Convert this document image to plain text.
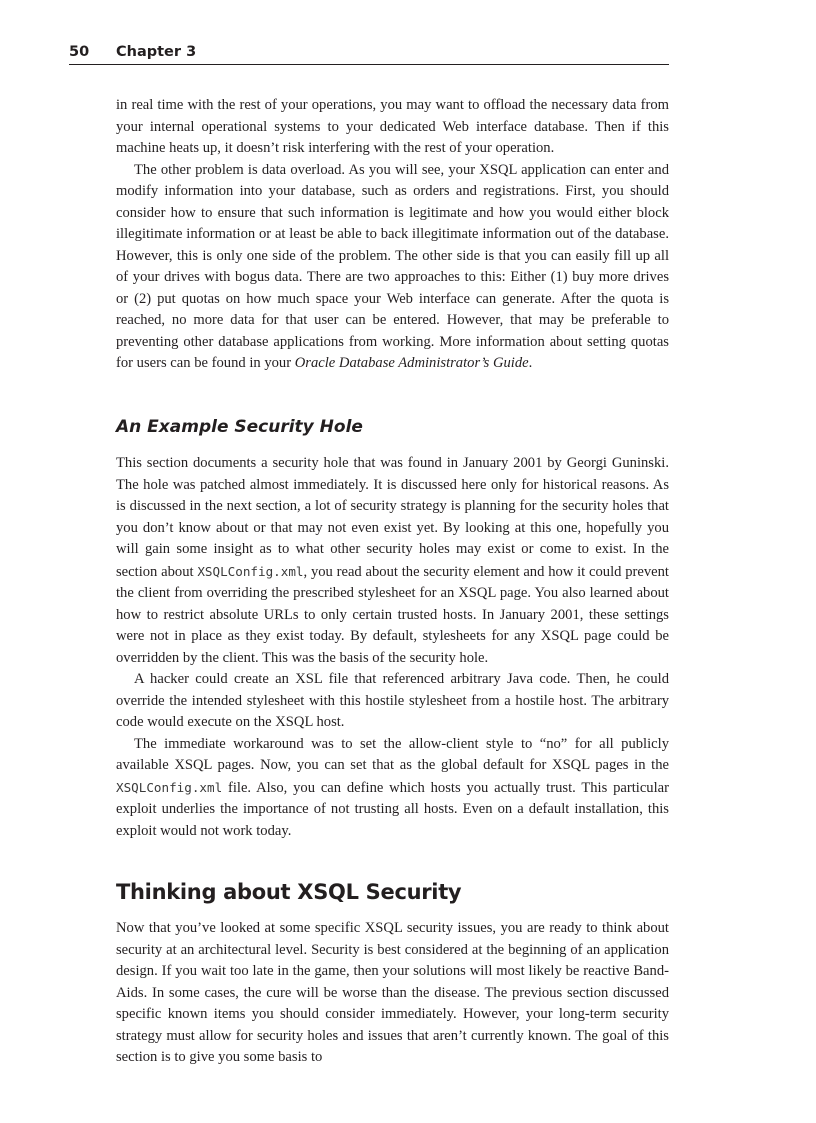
50 Chapter 3

in real time with the rest of your operations, you may want to offload the necessary data from your internal operational systems to your dedicated Web interface database. Then if this machine heats up, it doesn’t risk interfering with the rest of your operation.

The other problem is data overload. As you will see, your XSQL application can enter and modify information into your database, such as orders and registrations. First, you should consider how to ensure that such information is legitimate and how you would either block illegitimate information or at least be able to back illegitimate information out of the database. However, this is only one side of the problem. The other side is that you can easily fill up all of your drives with bogus data. There are two approaches to this: Either (1) buy more drives or (2) put quotas on how much space your Web interface can generate. After the quota is reached, no more data for that user can be entered. However, that may be preferable to preventing other database applications from working. More information about setting quotas for users can be found in your Oracle Database Administrator’s Guide.

An Example Security Hole

This section documents a security hole that was found in January 2001 by Georgi Guninski. The hole was patched almost immediately. It is discussed here only for historical reasons. As is discussed in the next section, a lot of security strategy is planning for the security holes that you don’t know about or that may not even exist yet. By looking at this one, hopefully you will gain some insight as to what other security holes may exist or come to exist. In the section about XSQLConfig.xml, you read about the security element and how it could prevent the client from overriding the prescribed stylesheet for an XSQL page. You also learned about how to restrict absolute URLs to only certain trusted hosts. In January 2001, these settings were not in place as they exist today. By default, stylesheets for any XSQL page could be overridden by the client. This was the basis of the security hole.

A hacker could create an XSL file that referenced arbitrary Java code. Then, he could override the intended stylesheet with this hostile stylesheet from a hostile host. The arbitrary code would execute on the XSQL host.

The immediate workaround was to set the allow-client style to “no” for all publicly available XSQL pages. Now, you can set that as the global default for XSQL pages in the XSQLConfig.xml file. Also, you can define which hosts you actually trust. This particular exploit underlies the importance of not trusting all hosts. Even on a default installation, this exploit would not work today.

Thinking about XSQL Security

Now that you’ve looked at some specific XSQL security issues, you are ready to think about security at an architectural level. Security is best considered at the beginning of an application design. If you wait too late in the game, then your solutions will most likely be reactive Band-Aids. In some cases, the cure will be worse than the disease. The previous section discussed specific known items you should consider immediately. However, your long-term security strategy must allow for security holes and issues that aren’t currently known. The goal of this section is to give you some basis to
